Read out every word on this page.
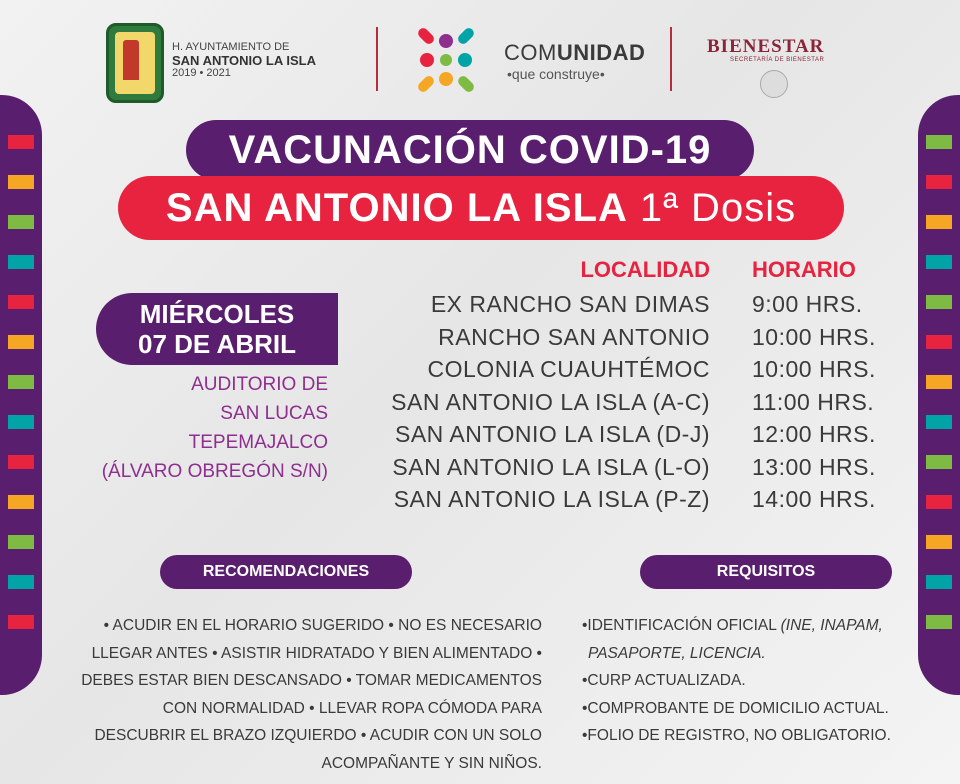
H. AYUNTAMIENTO DE
SAN ANTONIO LA ISLA
2019 • 2021
COMUNIDAD
•que construye•
BIENESTAR
SECRETARÍA DE BIENESTAR
VACUNACIÓN COVID-19
SAN ANTONIO LA ISLA 1ª Dosis
MIÉRCOLES
07 DE ABRIL
AUDITORIO DE
SAN LUCAS
TEPEMAJALCO
(ÁLVARO OBREGÓN S/N)
LOCALIDAD HORARIO
EX RANCHO SAN DIMAS
RANCHO SAN ANTONIO
COLONIA CUAUHTÉMOC
SAN ANTONIO LA ISLA (A-C)
SAN ANTONIO LA ISLA (D-J)
SAN ANTONIO LA ISLA (L-O)
SAN ANTONIO LA ISLA (P-Z)
9:00 HRS.
10:00 HRS.
10:00 HRS.
11:00 HRS.
12:00 HRS.
13:00 HRS.
14:00 HRS.
RECOMENDACIONES
• ACUDIR EN EL HORARIO SUGERIDO • NO ES NECESARIO
LLEGAR ANTES • ASISTIR HIDRATADO Y BIEN ALIMENTADO •
DEBES ESTAR BIEN DESCANSADO • TOMAR MEDICAMENTOS
CON NORMALIDAD • LLEVAR ROPA CÓMODA PARA
DESCUBRIR EL BRAZO IZQUIERDO • ACUDIR CON UN SOLO
ACOMPAÑANTE Y SIN NIÑOS.
REQUISITOS
•IDENTIFICACIÓN OFICIAL (INE, INAPAM,
PASAPORTE, LICENCIA.
•CURP ACTUALIZADA.
•COMPROBANTE DE DOMICILIO ACTUAL.
•FOLIO DE REGISTRO, NO OBLIGATORIO.
